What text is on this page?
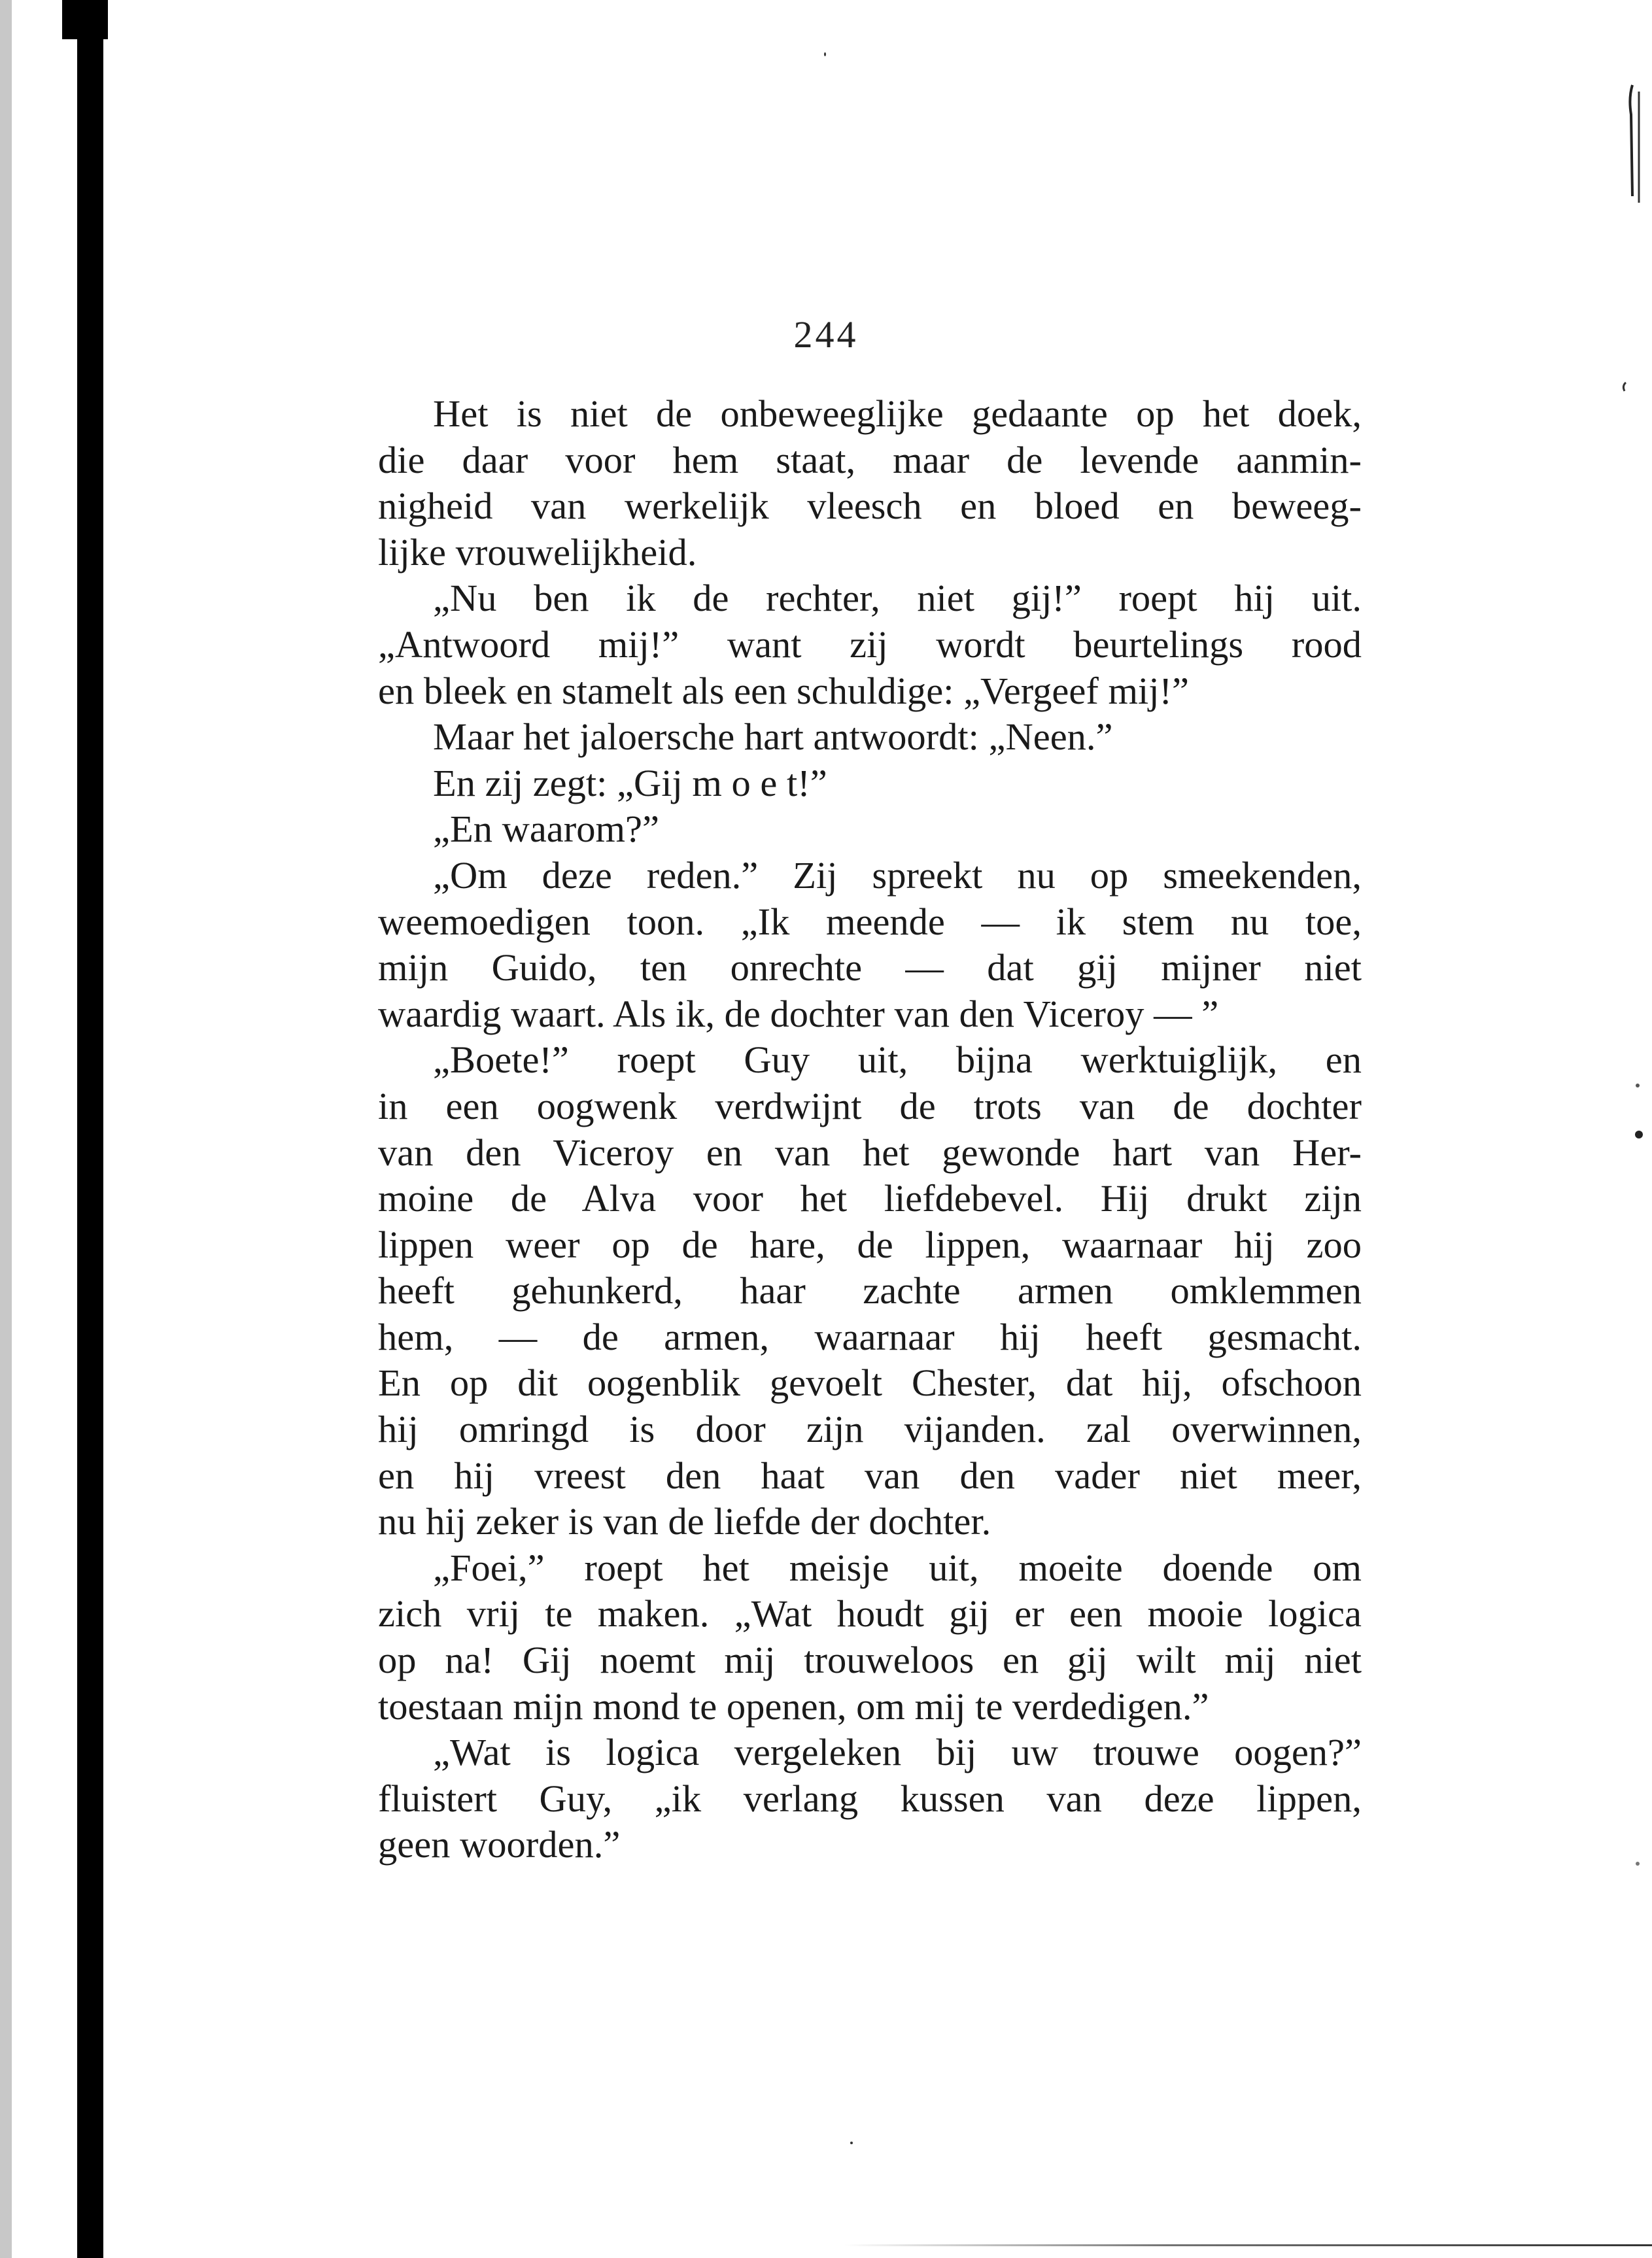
244
Het is niet de onbeweeglijke gedaante op het doek,
die daar voor hem staat, maar de levende aanmin-
nigheid van werkelijk vleesch en bloed en beweeg-
lijke vrouwelijkheid.
„Nu ben ik de rechter, niet gij!” roept hij uit.
„Antwoord mij!” want zij wordt beurtelings rood
en bleek en stamelt als een schuldige: „Vergeef mij!”
Maar het jaloersche hart antwoordt: „Neen.”
En zij zegt: „Gij m o e t!”
„En waarom?”
„Om deze reden.” Zij spreekt nu op smeekenden,
weemoedigen toon. „Ik meende — ik stem nu toe,
mijn Guido, ten onrechte — dat gij mijner niet
waardig waart. Als ik, de dochter van den Viceroy — ”
„Boete!” roept Guy uit, bijna werktuiglijk, en
in een oogwenk verdwijnt de trots van de dochter
van den Viceroy en van het gewonde hart van Her-
moine de Alva voor het liefdebevel. Hij drukt zijn
lippen weer op de hare, de lippen, waarnaar hij zoo
heeft gehunkerd, haar zachte armen omklemmen
hem, — de armen, waarnaar hij heeft gesmacht.
En op dit oogenblik gevoelt Chester, dat hij, ofschoon
hij omringd is door zijn vijanden. zal overwinnen,
en hij vreest den haat van den vader niet meer,
nu hij zeker is van de liefde der dochter.
„Foei,” roept het meisje uit, moeite doende om
zich vrij te maken. „Wat houdt gij er een mooie logica
op na! Gij noemt mij trouweloos en gij wilt mij niet
toestaan mijn mond te openen, om mij te verdedigen.”
„Wat is logica vergeleken bij uw trouwe oogen?”
fluistert Guy, „ik verlang kussen van deze lippen,
geen woorden.”
